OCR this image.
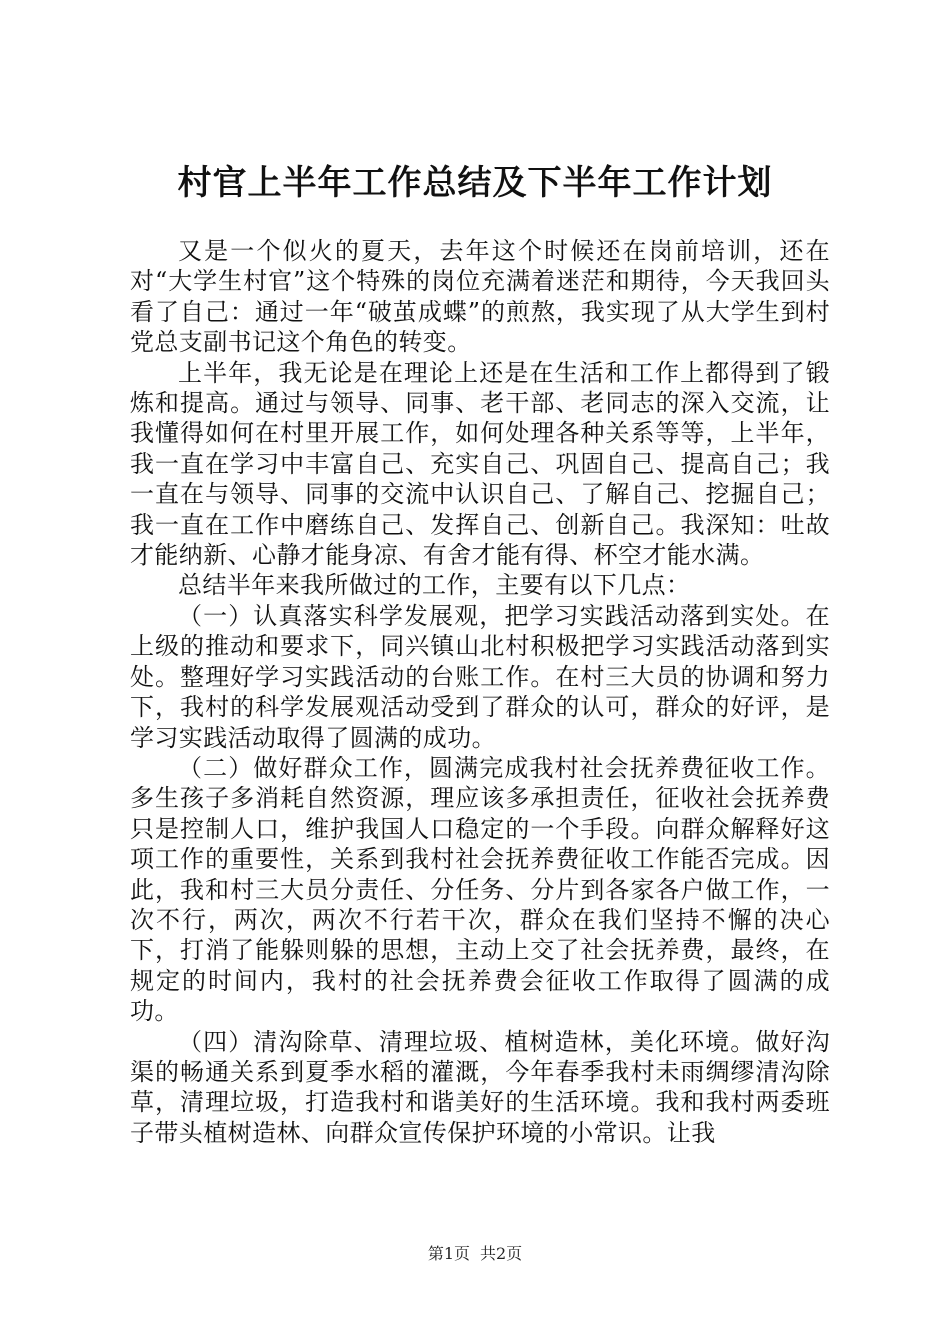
村官上半年工作总结及下半年工作计划

又是一个似火的夏天，去年这个时候还在岗前培训，还在对“大学生村官”这个特殊的岗位充满着迷茫和期待，今天我回头看了自己：通过一年“破茧成蝶”的煎熬，我实现了从大学生到村党总支副书记这个角色的转变。

上半年，我无论是在理论上还是在生活和工作上都得到了锻炼和提高。通过与领导、同事、老干部、老同志的深入交流，让我懂得如何在村里开展工作，如何处理各种关系等等，上半年，我一直在学习中丰富自己、充实自己、巩固自己、提高自己；我一直在与领导、同事的交流中认识自己、了解自己、挖掘自己；我一直在工作中磨练自己、发挥自己、创新自己。我深知：吐故才能纳新、心静才能身凉、有舍才能有得、杯空才能水满。

总结半年来我所做过的工作，主要有以下几点：

（一）认真落实科学发展观，把学习实践活动落到实处。在上级的推动和要求下，同兴镇山北村积极把学习实践活动落到实处。整理好学习实践活动的台账工作。在村三大员的协调和努力下，我村的科学发展观活动受到了群众的认可，群众的好评，是学习实践活动取得了圆满的成功。

（二）做好群众工作，圆满完成我村社会抚养费征收工作。多生孩子多消耗自然资源，理应该多承担责任，征收社会抚养费只是控制人口，维护我国人口稳定的一个手段。向群众解释好这项工作的重要性，关系到我村社会抚养费征收工作能否完成。因此，我和村三大员分责任、分任务、分片到各家各户做工作，一次不行，两次，两次不行若干次，群众在我们坚持不懈的决心下，打消了能躲则躲的思想，主动上交了社会抚养费，最终，在规定的时间内，我村的社会抚养费会征收工作取得了圆满的成功。

（四）清沟除草、清理垃圾、植树造林，美化环境。做好沟渠的畅通关系到夏季水稻的灌溉，今年春季我村未雨绸缪清沟除草，清理垃圾，打造我村和谐美好的生活环境。我和我村两委班子带头植树造林、向群众宣传保护环境的小常识。让我

第1页 共2页
